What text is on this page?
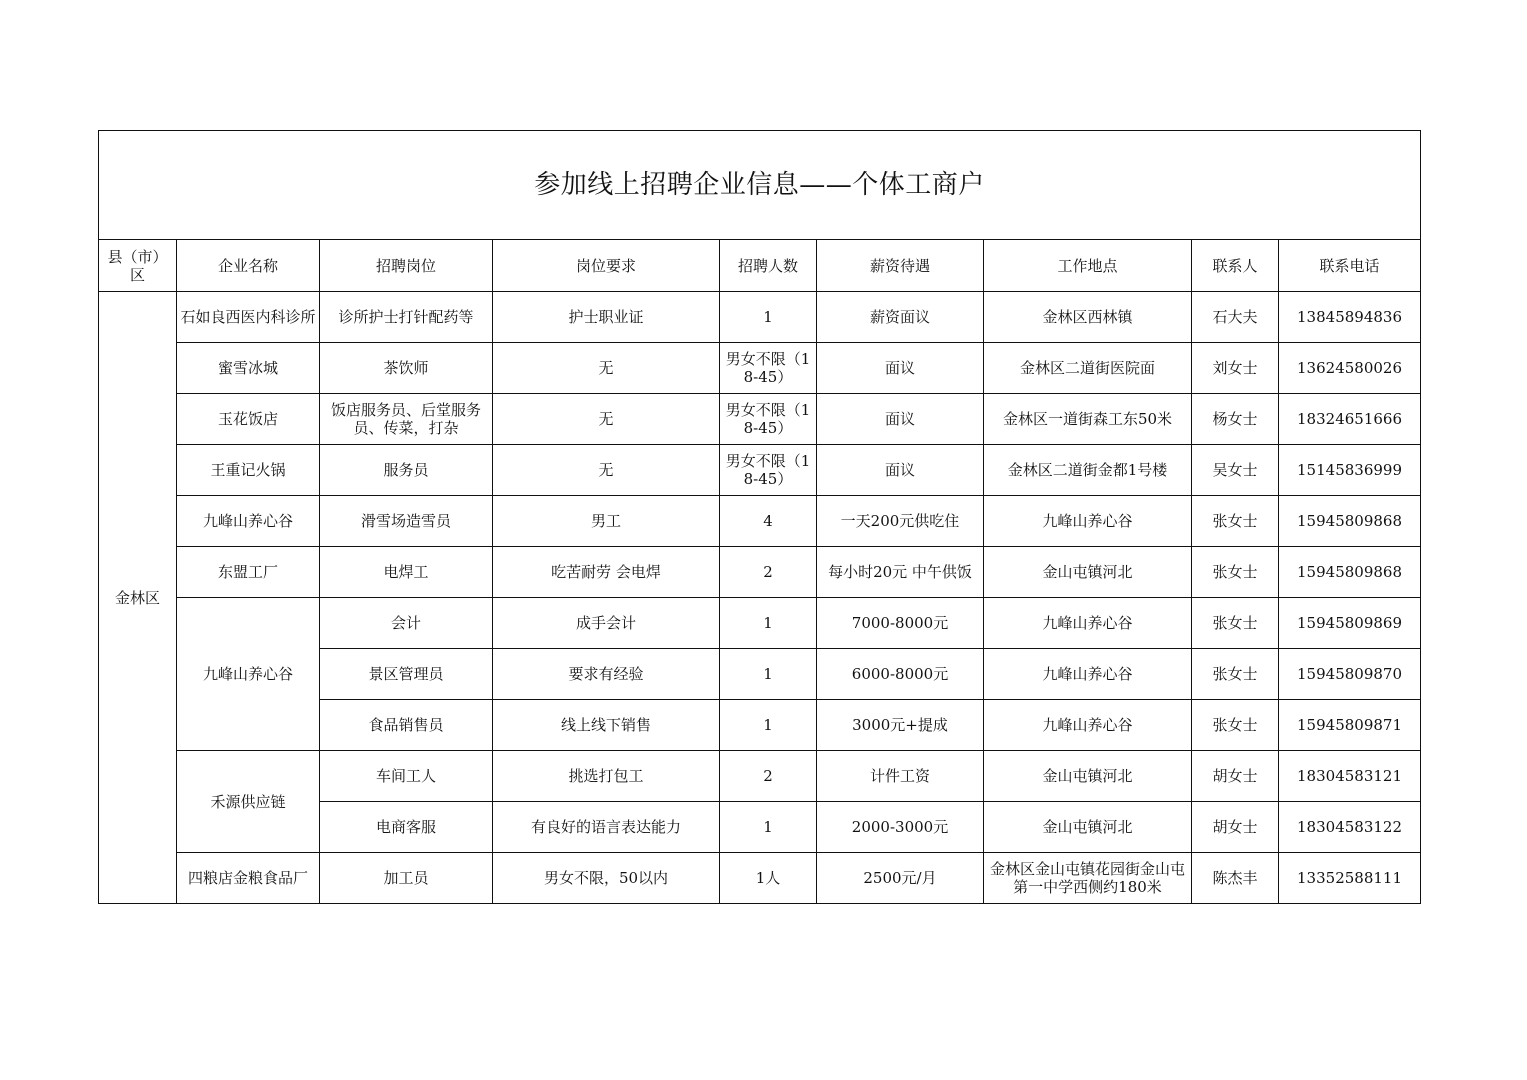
参加线上招聘企业信息——个体工商户								
县（市）区	企业名称	招聘岗位	岗位要求	招聘人数	薪资待遇	工作地点	联系人	联系电话
金林区	石如良西医内科诊所	诊所护士打针配药等	护士职业证	1	薪资面议	金林区西林镇	石大夫	13845894836
	蜜雪冰城	茶饮师	无	男女不限（18-45）	面议	金林区二道街医院面	刘女士	13624580026
	玉花饭店	饭店服务员、后堂服务员、传菜，打杂	无	男女不限（18-45）	面议	金林区一道街森工东50米	杨女士	18324651666
	王重记火锅	服务员	无	男女不限（18-45）	面议	金林区二道街金都1号楼	吴女士	15145836999
	九峰山养心谷	滑雪场造雪员	男工	4	一天200元供吃住	九峰山养心谷	张女士	15945809868
	东盟工厂	电焊工	吃苦耐劳 会电焊	2	每小时20元 中午供饭	金山屯镇河北	张女士	15945809868
	九峰山养心谷	会计	成手会计	1	7000-8000元	九峰山养心谷	张女士	15945809869
		景区管理员	要求有经验	1	6000-8000元	九峰山养心谷	张女士	15945809870
		食品销售员	线上线下销售	1	3000元+提成	九峰山养心谷	张女士	15945809871
	禾源供应链	车间工人	挑选打包工	2	计件工资	金山屯镇河北	胡女士	18304583121
		电商客服	有良好的语言表达能力	1	2000-3000元	金山屯镇河北	胡女士	18304583122
	四粮店金粮食品厂	加工员	男女不限，50以内	1人	2500元/月	金林区金山屯镇花园街金山屯第一中学西侧约180米	陈杰丰	13352588111
